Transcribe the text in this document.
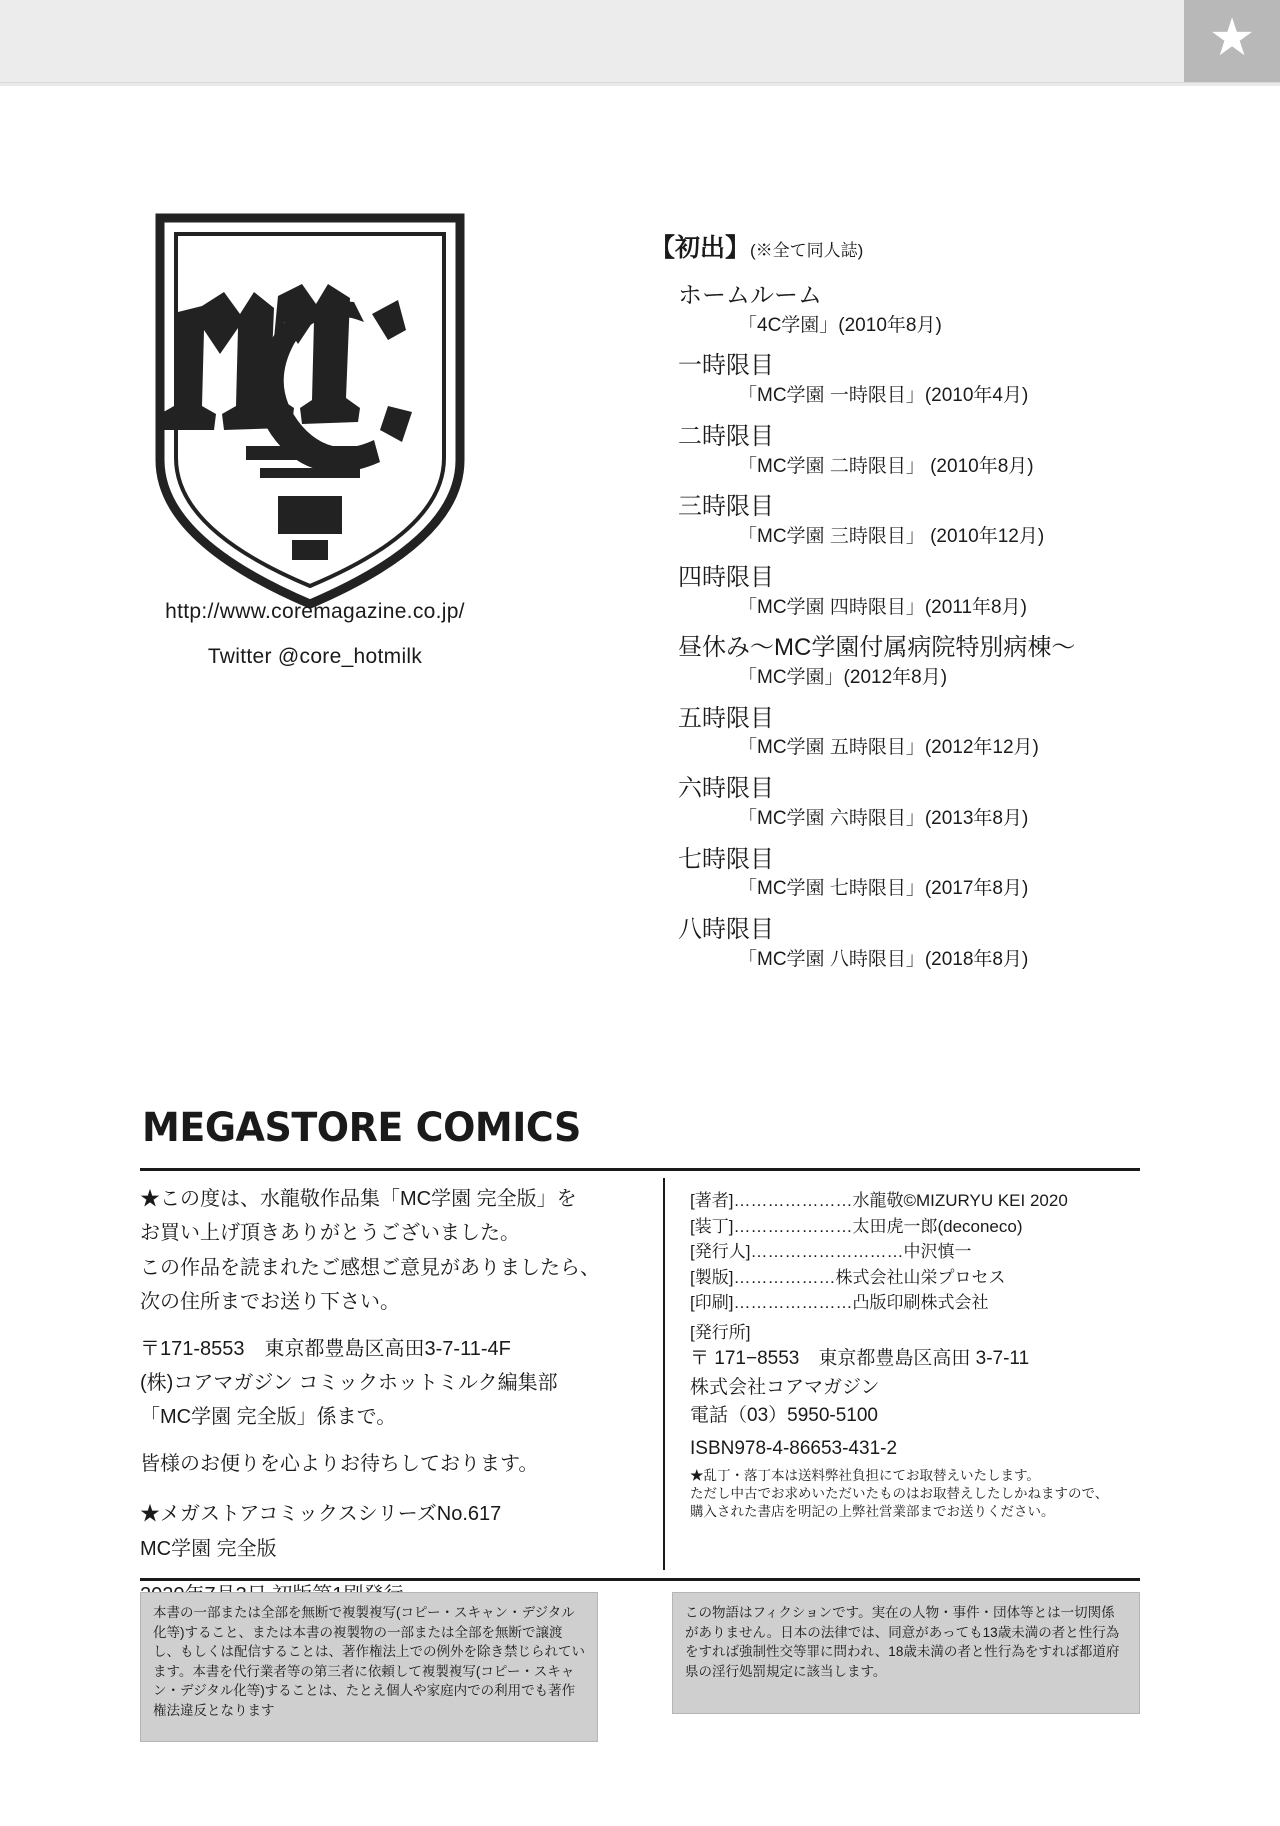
★
http://www.coremagazine.co.jp/
Twitter @core_hotmilk
【初出】(※全て同人誌)
ホームルーム
「4C学園」(2010年8月)
一時限目
「MC学園 一時限目」(2010年4月)
二時限目
「MC学園 二時限目」 (2010年8月)
三時限目
「MC学園 三時限目」 (2010年12月)
四時限目
「MC学園 四時限目」(2011年8月)
昼休み〜MC学園付属病院特別病棟〜
「MC学園」(2012年8月)
五時限目
「MC学園 五時限目」(2012年12月)
六時限目
「MC学園 六時限目」(2013年8月)
七時限目
「MC学園 七時限目」(2017年8月)
八時限目
「MC学園 八時限目」(2018年8月)
MEGASTORE COMICS

★この度は、水龍敬作品集「MC学園 完全版」を

お買い上げ頂きありがとうございました。

この作品を読まれたご感想ご意見がありましたら、

次の住所までお送り下さい。

〒171-8553　東京都豊島区高田3-7-11-4F

(株)コアマガジン コミックホットミルク編集部

「MC学園 完全版」係まで。

皆様のお便りを心よりお待ちしております。

★メガストアコミックスシリーズNo.617

MC学園 完全版

[著者]…………………水龍敬©MIZURYU KEI 2020
[装丁]…………………太田虎一郎(deconeco)
[発行人]………………………中沢慎一
[製版]………………株式会社山栄プロセス
[印刷]…………………凸版印刷株式会社
[発行所]
〒 171−8553　東京都豊島区高田 3-7-11
株式会社コアマガジン
電話（03）5950-5100
ISBN978-4-86653-431-2
★乱丁・落丁本は送料弊社負担にてお取替えいたします。
ただし中古でお求めいただいたものはお取替えしたしかねますので、
購入された書店を明記の上弊社営業部までお送りください。

本書の一部または全部を無断で複製複写(コピー・スキャン・デジタル化等)すること、または本書の複製物の一部または全部を無断で譲渡し、もしくは配信することは、著作権法上での例外を除き禁じられています。本書を代行業者等の第三者に依頼して複製複写(コピー・スキャン・デジタル化等)することは、たとえ個人や家庭内での利用でも著作権法違反となります

この物語はフィクションです。実在の人物・事件・団体等とは一切関係がありません。日本の法律では、同意があっても13歳未満の者と性行為をすれば強制性交等罪に問われ、18歳未満の者と性行為をすれば都道府県の淫行処罰規定に該当します。
